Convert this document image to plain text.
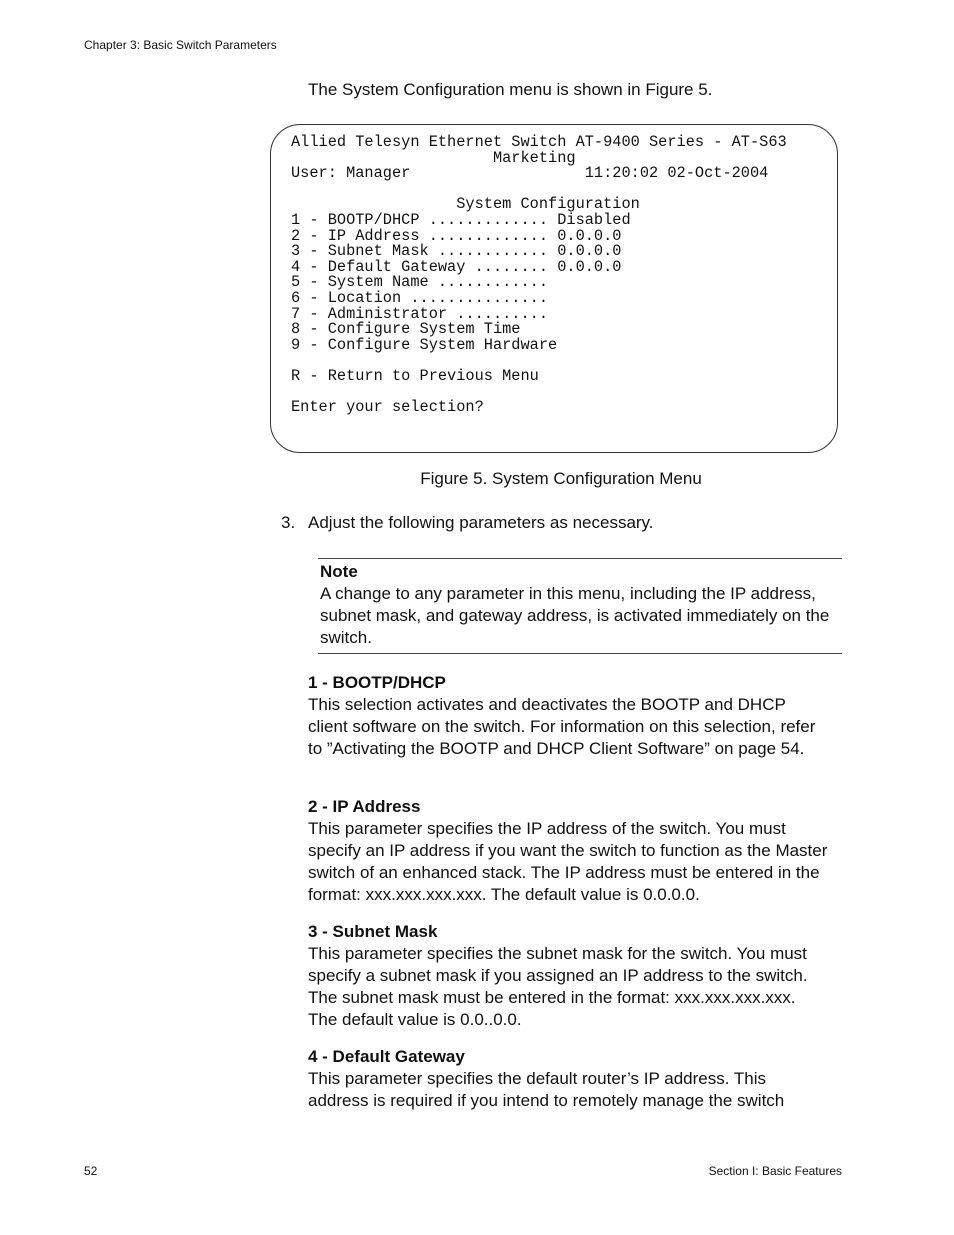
Chapter 3: Basic Switch Parameters
The System Configuration menu is shown in Figure 5.
Allied Telesyn Ethernet Switch AT-9400 Series - AT-S63
Marketing
User: Manager                   11:20:02 02-Oct-2004

System Configuration
1 - BOOTP/DHCP ............. Disabled
2 - IP Address ............. 0.0.0.0
3 - Subnet Mask ............ 0.0.0.0
4 - Default Gateway ........ 0.0.0.0
5 - System Name ............
6 - Location ...............
7 - Administrator ..........
8 - Configure System Time
9 - Configure System Hardware

R - Return to Previous Menu

Enter your selection?
Figure 5. System Configuration Menu
3. Adjust the following parameters as necessary.
Note
A change to any parameter in this menu, including the IP address, subnet mask, and gateway address, is activated immediately on the switch.
1 - BOOTP/DHCP

This selection activates and deactivates the BOOTP and DHCP client software on the switch. For information on this selection, refer to ”Activating the BOOTP and DHCP Client Software” on page 54.

2 - IP Address

This parameter specifies the IP address of the switch. You must specify an IP address if you want the switch to function as the Master switch of an enhanced stack. The IP address must be entered in the format: xxx.xxx.xxx.xxx. The default value is 0.0.0.0.

3 - Subnet Mask

This parameter specifies the subnet mask for the switch. You must specify a subnet mask if you assigned an IP address to the switch. The subnet mask must be entered in the format: xxx.xxx.xxx.xxx. The default value is 0.0..0.0.

4 - Default Gateway

This parameter specifies the default router’s IP address. This address is required if you intend to remotely manage the switch

52	Section I: Basic Features
